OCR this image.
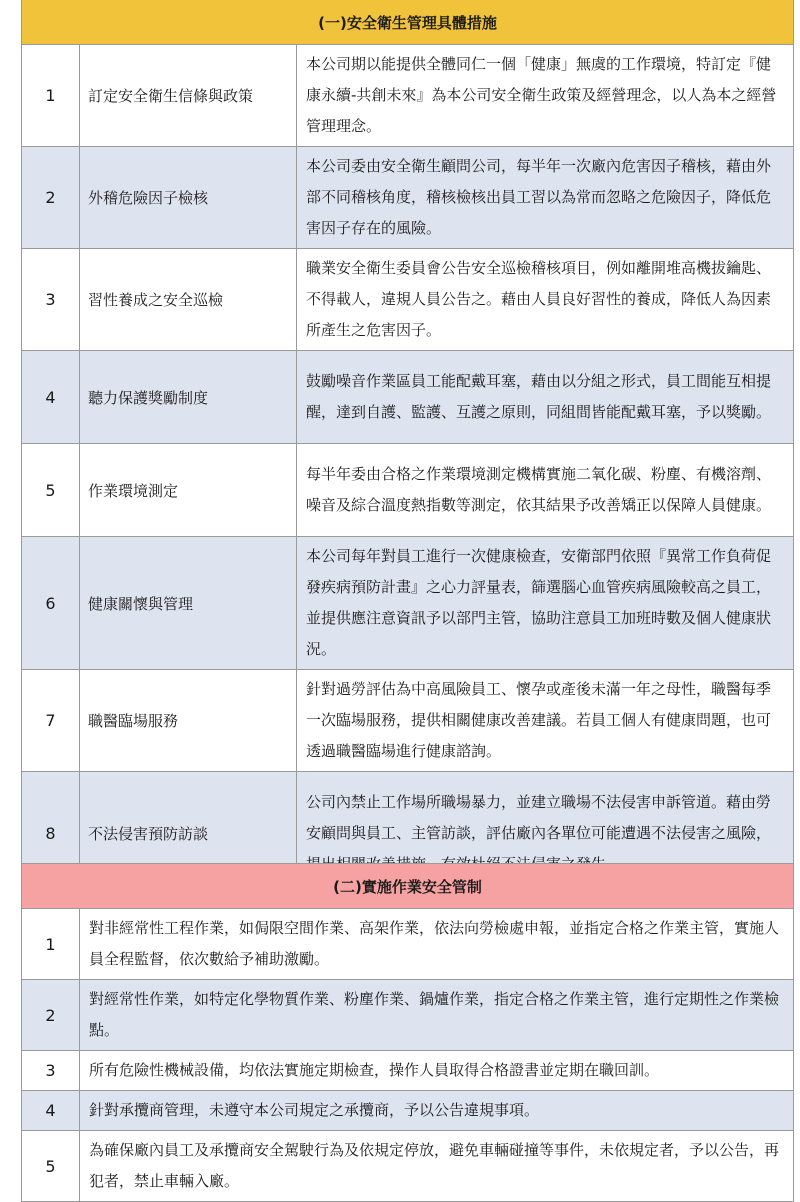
(一)安全衛生管理具體措施		
1	訂定安全衛生信條與政策	本公司期以能提供全體同仁一個「健康」無虞的工作環境，特訂定『健康永續-共創未來』為本公司安全衛生政策及經營理念，以人為本之經營管理理念。
2	外稽危險因子檢核	本公司委由安全衛生顧問公司，每半年一次廠內危害因子稽核，藉由外部不同稽核角度，稽核檢核出員工習以為常而忽略之危險因子，降低危害因子存在的風險。
3	習性養成之安全巡檢	職業安全衛生委員會公告安全巡檢稽核項目，例如離開堆高機拔鑰匙、不得載人，違規人員公告之。藉由人員良好習性的養成，降低人為因素所產生之危害因子。
4	聽力保護獎勵制度	鼓勵噪音作業區員工能配戴耳塞，藉由以分組之形式，員工間能互相提醒，達到自護、監護、互護之原則，同組間皆能配戴耳塞，予以獎勵。
5	作業環境測定	每半年委由合格之作業環境測定機構實施二氧化碳、粉塵、有機溶劑、噪音及綜合溫度熱指數等測定，依其結果予改善矯正以保障人員健康。
6	健康關懷與管理	本公司每年對員工進行一次健康檢查，安衛部門依照『異常工作負荷促發疾病預防計畫』之心力評量表，篩選腦心血管疾病風險較高之員工，並提供應注意資訊予以部門主管，協助注意員工加班時數及個人健康狀況。
7	職醫臨場服務	針對過勞評估為中高風險員工、懷孕或產後未滿一年之母性，職醫每季一次臨場服務，提供相關健康改善建議。若員工個人有健康問題，也可透過職醫臨場進行健康諮詢。
8	不法侵害預防訪談	公司內禁止工作場所職場暴力，並建立職場不法侵害申訴管道。藉由勞安顧問與員工、主管訪談，評估廠內各單位可能遭遇不法侵害之風險，
(二)實施作業安全管制	
1	對非經常性工程作業，如侷限空間作業、高架作業，依法向勞檢處申報，並指定合格之作業主管，實施人員全程監督，依次數給予補助激勵。
2	對經常性作業，如特定化學物質作業、粉塵作業、鍋爐作業，指定合格之作業主管，進行定期性之作業檢點。
3	所有危險性機械設備，均依法實施定期檢查，操作人員取得合格證書並定期在職回訓。
4	針對承攬商管理，未遵守本公司規定之承攬商，予以公告違規事項。
5	為確保廠內員工及承攬商安全駕駛行為及依規定停放，避免車輛碰撞等事件，未依規定者，予以公告，再犯者，禁止車輛入廠。
